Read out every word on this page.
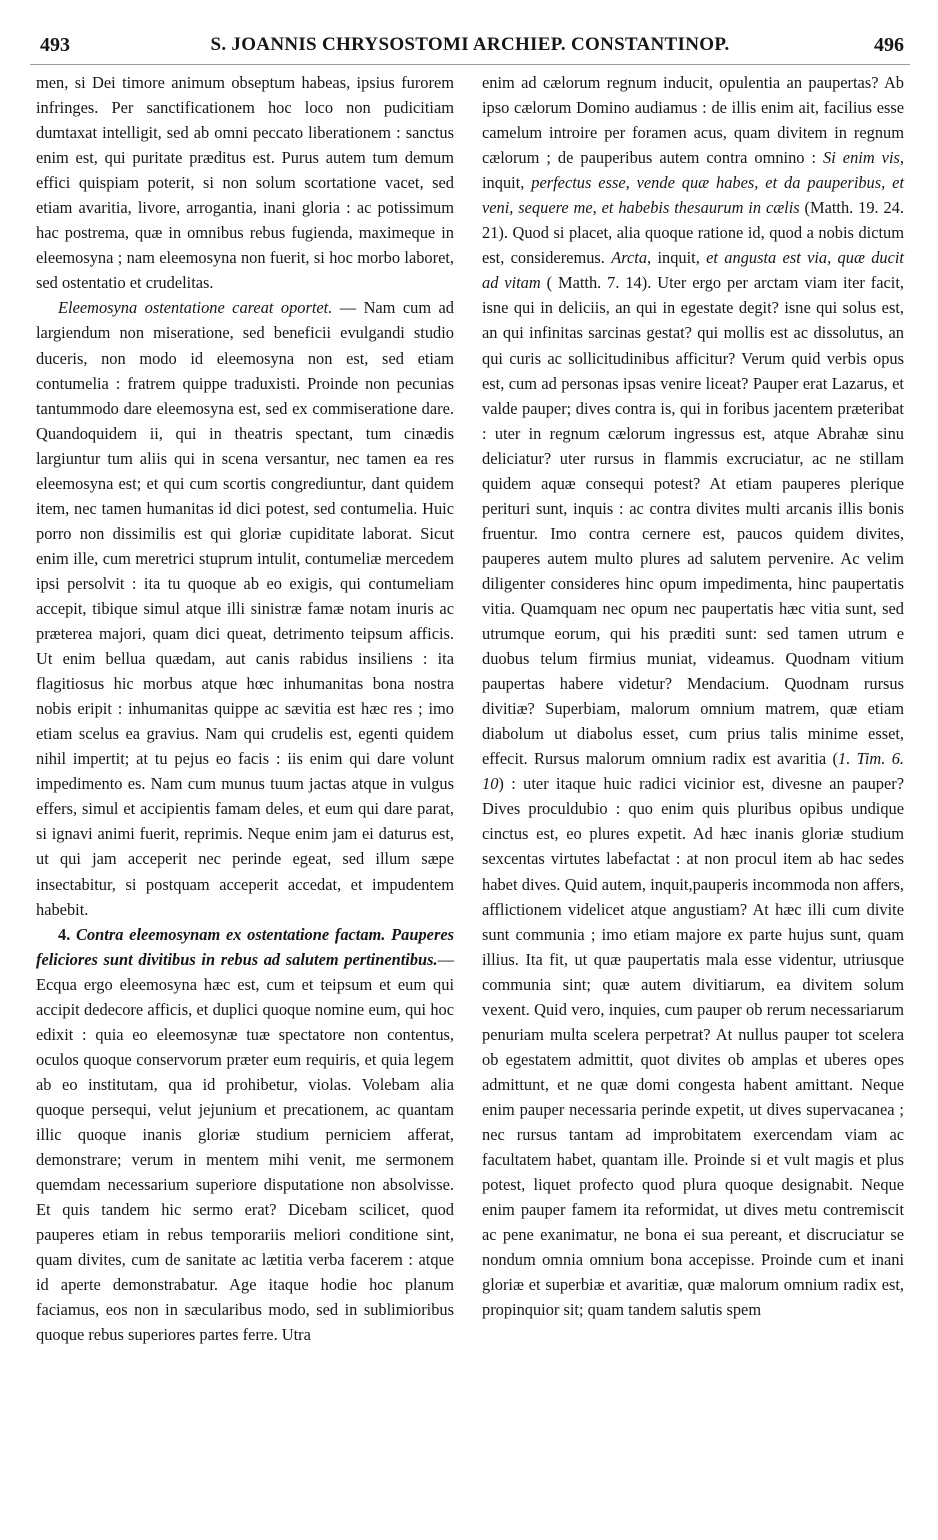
493	S. JOANNIS CHRYSOSTOMI ARCHIEP. CONSTANTINOP.	496

men, si Dei timore animum obseptum habeas, ipsius furorem infringes. Per sanctificationem hoc loco non pudicitiam dumtaxat intelligit, sed ab omni peccato liberationem : sanctus enim est, qui puritate præditus est. Purus autem tum demum effici quispiam poterit, si non solum scortatione vacet, sed etiam avaritia, livore, arrogantia, inani gloria : ac potissimum hac postrema, quæ in omnibus rebus fugienda, maximeque in eleemosyna ; nam eleemosyna non fuerit, si hoc morbo laboret, sed ostentatio et crudelitas.

Eleemosyna ostentatione careat oportet. — Nam cum ad largiendum non miseratione, sed beneficii evulgandi studio duceris, non modo id eleemosyna non est, sed etiam contumelia : fratrem quippe traduxisti. Proinde non pecunias tantummodo dare eleemosyna est, sed ex commiseratione dare. Quandoquidem ii, qui in theatris spectant, tum cinædis largiuntur tum aliis qui in scena versantur, nec tamen ea res eleemosyna est; et qui cum scortis congrediuntur, dant quidem item, nec tamen humanitas id dici potest, sed contumelia. Huic porro non dissimilis est qui gloriæ cupiditate laborat. Sicut enim ille, cum meretrici stuprum intulit, contumeliæ mercedem ipsi persolvit : ita tu quoque ab eo exigis, qui contumeliam accepit, tibique simul atque illi sinistræ famæ notam inuris ac præterea majori, quam dici queat, detrimento teipsum afficis. Ut enim bellua quædam, aut canis rabidus insiliens : ita flagitiosus hic morbus atque hœc inhumanitas bona nostra nobis eripit : inhumanitas quippe ac sævitia est hæc res ; imo etiam scelus ea gravius. Nam qui crudelis est, egenti quidem nihil impertit; at tu pejus eo facis : iis enim qui dare volunt impedimento es. Nam cum munus tuum jactas atque in vulgus effers, simul et accipientis famam deles, et eum qui dare parat, si ignavi animi fuerit, reprimis. Neque enim jam ei daturus est, ut qui jam acceperit nec perinde egeat, sed illum sæpe insectabitur, si postquam acceperit accedat, et impudentem habebit.

4. Contra eleemosynam ex ostentatione factam. Pauperes feliciores sunt divitibus in rebus ad salutem pertinentibus.—Ecqua ergo eleemosyna hæc est, cum et teipsum et eum qui accipit dedecore afficis, et duplici quoque nomine eum, qui hoc edixit : quia eo eleemosynæ tuæ spectatore non contentus, oculos quoque conservorum præter eum requiris, et quia legem ab eo institutam, qua id prohibetur, violas. Volebam alia quoque persequi, velut jejunium et precationem, ac quantam illic quoque inanis gloriæ studium perniciem afferat, demonstrare; verum in mentem mihi venit, me sermonem quemdam necessarium superiore disputatione non absolvisse. Et quis tandem hic sermo erat? Dicebam scilicet, quod pauperes etiam in rebus temporariis meliori conditione sint, quam divites, cum de sanitate ac lætitia verba facerem : atque id aperte demonstrabatur. Age itaque hodie hoc planum faciamus, eos non in sæcularibus modo, sed in sublimioribus quoque rebus superiores partes ferre. Utra

enim ad cælorum regnum inducit, opulentia an paupertas? Ab ipso cælorum Domino audiamus : de illis enim ait, facilius esse camelum introire per foramen acus, quam divitem in regnum cælorum ; de pauperibus autem contra omnino : Si enim vis, inquit, perfectus esse, vende quæ habes, et da pauperibus, et veni, sequere me, et habebis thesaurum in cælis (Matth. 19. 24. 21). Quod si placet, alia quoque ratione id, quod a nobis dictum est, consideremus. Arcta, inquit, et angusta est via, quæ ducit ad vitam ( Matth. 7. 14). Uter ergo per arctam viam iter facit, isne qui in deliciis, an qui in egestate degit? isne qui solus est, an qui infinitas sarcinas gestat? qui mollis est ac dissolutus, an qui curis ac sollicitudinibus afficitur? Verum quid verbis opus est, cum ad personas ipsas venire liceat? Pauper erat Lazarus, et valde pauper; dives contra is, qui in foribus jacentem præteribat : uter in regnum cælorum ingressus est, atque Abrahæ sinu deliciatur? uter rursus in flammis excruciatur, ac ne stillam quidem aquæ consequi potest? At etiam pauperes plerique perituri sunt, inquis : ac contra divites multi arcanis illis bonis fruentur. Imo contra cernere est, paucos quidem divites, pauperes autem multo plures ad salutem pervenire. Ac velim diligenter consideres hinc opum impedimenta, hinc paupertatis vitia. Quamquam nec opum nec paupertatis hæc vitia sunt, sed utrumque eorum, qui his præditi sunt: sed tamen utrum e duobus telum firmius muniat, videamus. Quodnam vitium paupertas habere videtur? Mendacium. Quodnam rursus divitiæ? Superbiam, malorum omnium matrem, quæ etiam diabolum ut diabolus esset, cum prius talis minime esset, effecit. Rursus malorum omnium radix est avaritia (1. Tim. 6. 10) : uter itaque huic radici vicinior est, divesne an pauper? Dives proculdubio : quo enim quis pluribus opibus undique cinctus est, eo plures expetit. Ad hæc inanis gloriæ studium sexcentas virtutes labefactat : at non procul item ab hac sedes habet dives. Quid autem, inquit,pauperis incommoda non affers, afflictionem videlicet atque angustiam? At hæc illi cum divite sunt communia ; imo etiam majore ex parte hujus sunt, quam illius. Ita fit, ut quæ paupertatis mala esse videntur, utriusque communia sint; quæ autem divitiarum, ea divitem solum vexent. Quid vero, inquies, cum pauper ob rerum necessariarum penuriam multa scelera perpetrat? At nullus pauper tot scelera ob egestatem admittit, quot divites ob amplas et uberes opes admittunt, et ne quæ domi congesta habent amittant. Neque enim pauper necessaria perinde expetit, ut dives supervacanea ; nec rursus tantam ad improbitatem exercendam viam ac facultatem habet, quantam ille. Proinde si et vult magis et plus potest, liquet profecto quod plura quoque designabit. Neque enim pauper famem ita reformidat, ut dives metu contremiscit ac pene exanimatur, ne bona ei sua pereant, et discruciatur se nondum omnia omnium bona accepisse. Proinde cum et inani gloriæ et superbiæ et avaritiæ, quæ malorum omnium radix est, propinquior sit; quam tandem salutis spem
